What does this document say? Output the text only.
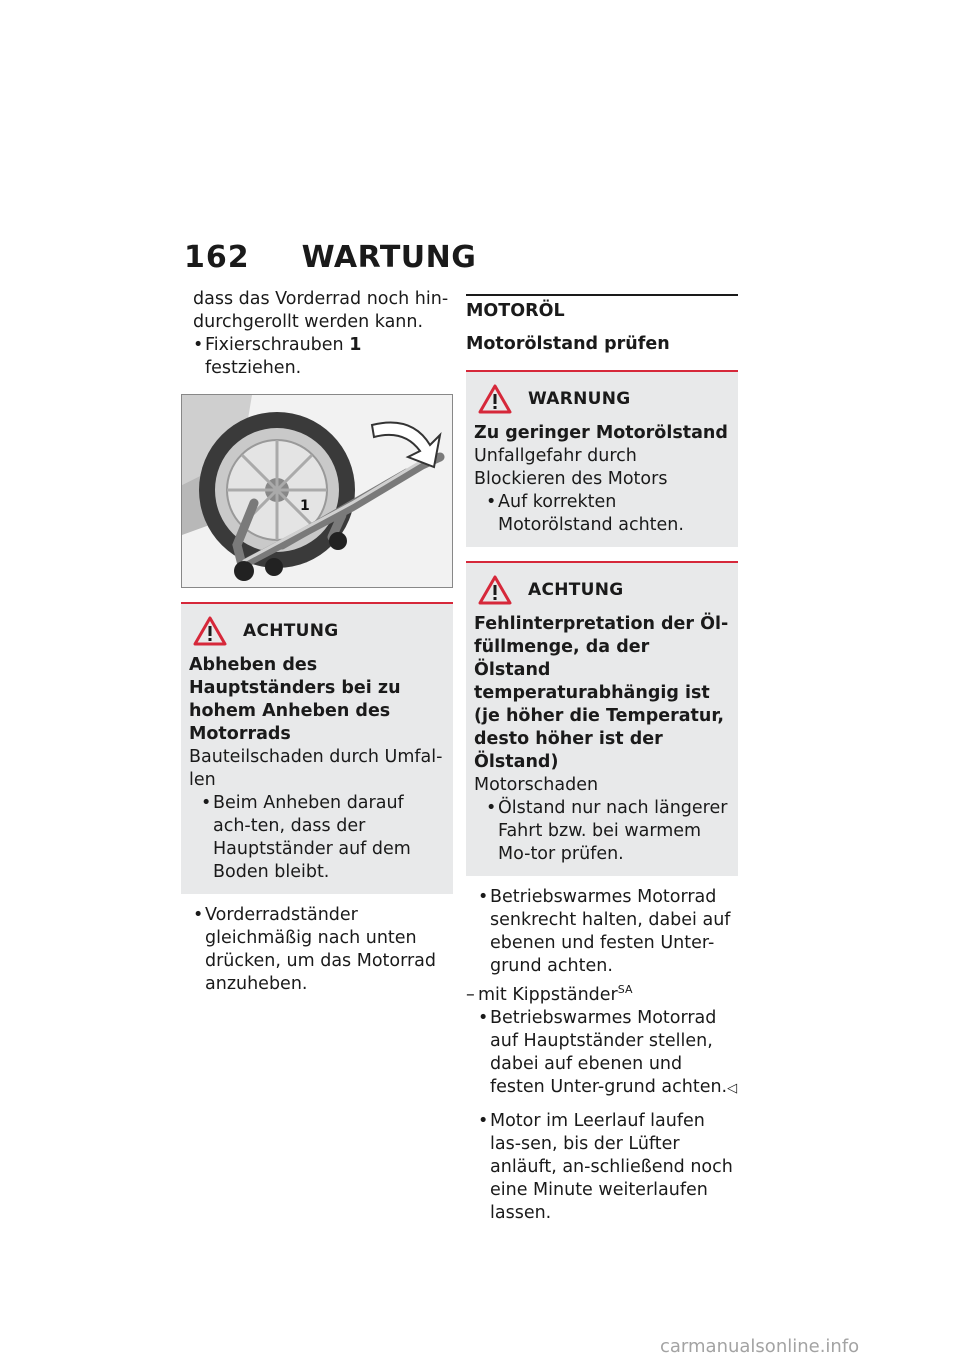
162 WARTUNG

dass das Vorderrad noch hin-

durchgerollt werden kann.

• Fixierschrauben 1 festziehen.

1
ACHTUNG

Abheben des Hauptständers bei zu hohem Anheben des Motorrads

Bauteilschaden durch Umfal-len

• Beim Anheben darauf ach-ten, dass der Hauptständer auf dem Boden bleibt.

• Vorderradständer gleichmäßig nach unten drücken, um das Motorrad anzuheben.

MOTORÖL

Motorölstand prüfen

WARNUNG

Zu geringer Motorölstand

Unfallgefahr durch Blockieren des Motors

• Auf korrekten Motorölstand achten.

ACHTUNG

Fehlinterpretation der Öl-füllmenge, da der Ölstand temperaturabhängig ist (je höher die Temperatur, desto höher ist der Ölstand)

Motorschaden

• Ölstand nur nach längerer Fahrt bzw. bei warmem Mo-tor prüfen.

• Betriebswarmes Motorrad senkrecht halten, dabei auf ebenen und festen Unter-grund achten.

– mit Kippständer$^{SA}$

• Betriebswarmes Motorrad auf Hauptständer stellen, dabei auf ebenen und festen Unter-grund achten.◁

• Motor im Leerlauf laufen las-sen, bis der Lüfter anläuft, an-schließend noch eine Minute weiterlaufen lassen.

carmanualsonline.info
